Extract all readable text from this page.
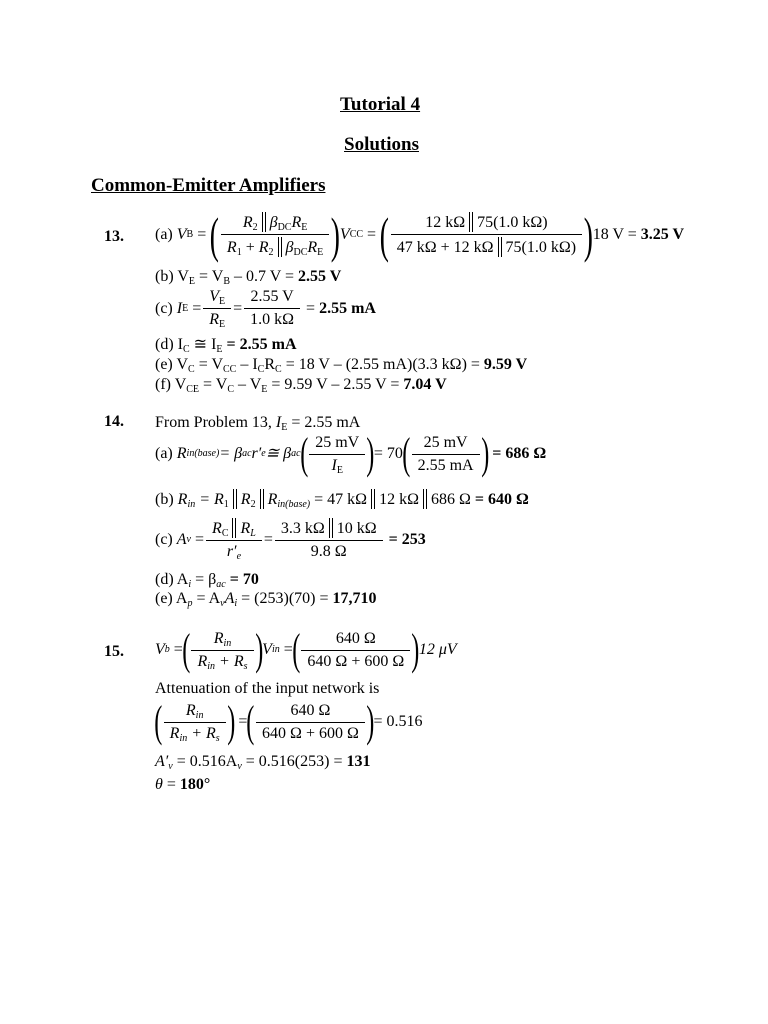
Tutorial 4
Solutions
Common-Emitter Amplifiers
13. (a)
V B = ( $\frac{R_2 \beta_{DC}R_E}{R_1 + R_2 \beta_{DC}R_E}$ ) V CC = ( $\frac{12 k\Omega 75(1.0 k\Omega)}{47 k\Omega + 12 k\Omega 75(1.0 k\Omega)}$ ) 18 V =
3.25 V
(b) $V_E = V_B - 0.7$ V = 2.55 V
(c)
I $E = \frac{V_E}{R_E} = \frac{2.55 V}{1.0 k\Omega} = 2.55$ mA
(d) $I_C$ ≅ $I_E = 2.55$ mA
(e) $V_C = V_{CC} - I_CR_C = 18$ V – (2.55 mA)(3.3 kΩ) = 9.59 V
(f) $V_{CE} = V_C - V_E = 9.59$ V – 2.55 V = 7.04 V
14. From Problem 13, $I_E = 2.55$ mA
(a)
R in(base) = β ac r′ e ≅ β ac ( $\frac{25 mV}{I_E}$ ) = 70 ( $\frac{25 mV}{2.55 mA}$ )
= 686 Ω
(b) $R_{in} = R_1$ $R_2$ $R_{in(base)} = 47$ kΩ 12 kΩ 686 Ω = 640 Ω
(c)
A $v = \frac{R_C R_L}{r'_e} = \frac{3.3 k\Omega 10 k\Omega}{9.8 \Omega}$
= 253
(d) $A_i = \beta_{ac} = 70$
(e) $A_p = A_vA_i = (253)(70) = 17,710$
15. V b = ( $\frac{R_{in}}{R_{in} + R_s}$ ) V in = ( $\frac{640 \Omega}{640 \Omega + 600 \Omega}$ ) 12 μV
Attenuation of the input network is
( $\frac{R_{in}}{R_{in} + R_s}$ ) = ( $\frac{640 \Omega}{640 \Omega + 600 \Omega}$ ) = 0.516
$A'_v = 0.516A_v = 0.516(253) = 131$
θ = 180°
